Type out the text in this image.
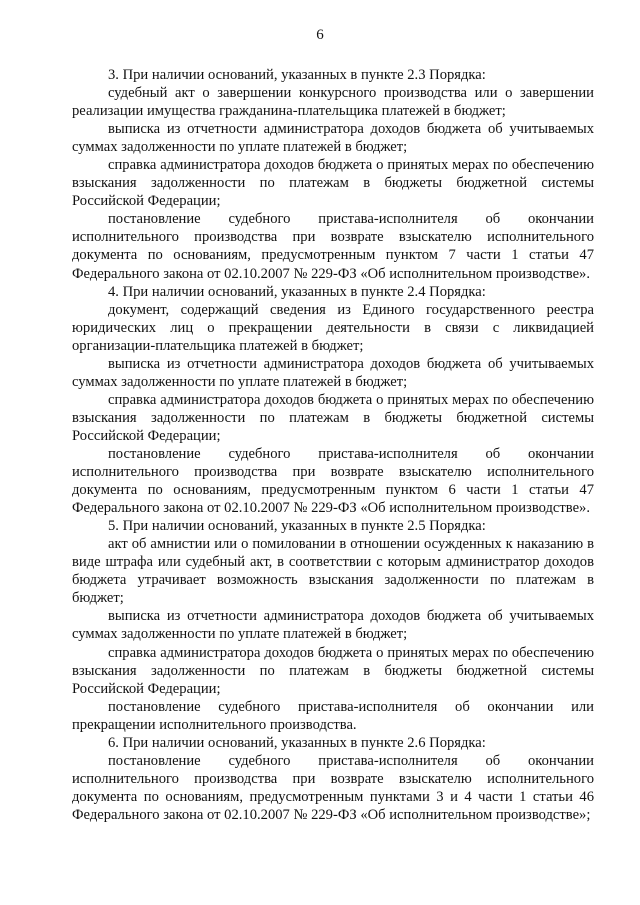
6

3. При наличии оснований, указанных в пункте 2.3 Порядка:

судебный акт о завершении конкурсного производства или о завершении реализации имущества гражданина-плательщика платежей в бюджет;

выписка из отчетности администратора доходов бюджета об учитываемых суммах задолженности по уплате платежей в бюджет;

справка администратора доходов бюджета о принятых мерах по обеспечению взыскания задолженности по платежам в бюджеты бюджетной системы Российской Федерации;

постановление судебного пристава-исполнителя об окончании исполнительного производства при возврате взыскателю исполнительного документа по основаниям, предусмотренным пунктом 7 части 1 статьи 47 Федерального закона от 02.10.2007 № 229-ФЗ «Об исполнительном производстве».

4. При наличии оснований, указанных в пункте 2.4 Порядка:

документ, содержащий сведения из Единого государственного реестра юридических лиц о прекращении деятельности в связи с ликвидацией организации-плательщика платежей в бюджет;

выписка из отчетности администратора доходов бюджета об учитываемых суммах задолженности по уплате платежей в бюджет;

справка администратора доходов бюджета о принятых мерах по обеспечению взыскания задолженности по платежам в бюджеты бюджетной системы Российской Федерации;

постановление судебного пристава-исполнителя об окончании исполнительного производства при возврате взыскателю исполнительного документа по основаниям, предусмотренным пунктом 6 части 1 статьи 47 Федерального закона от 02.10.2007 № 229-ФЗ «Об исполнительном производстве».

5. При наличии оснований, указанных в пункте 2.5 Порядка:

акт об амнистии или о помиловании в отношении осужденных к наказанию в виде штрафа или судебный акт, в соответствии с которым администратор доходов бюджета утрачивает возможность взыскания задолженности по платежам в бюджет;

выписка из отчетности администратора доходов бюджета об учитываемых суммах задолженности по уплате платежей в бюджет;

справка администратора доходов бюджета о принятых мерах по обеспечению взыскания задолженности по платежам в бюджеты бюджетной системы Российской Федерации;

постановление судебного пристава-исполнителя об окончании или прекращении исполнительного производства.

6. При наличии оснований, указанных в пункте 2.6 Порядка:

постановление судебного пристава-исполнителя об окончании исполнительного производства при возврате взыскателю исполнительного документа по основаниям, предусмотренным пунктами 3 и 4 части 1 статьи 46 Федерального закона от 02.10.2007 № 229-ФЗ «Об исполнительном производстве»;
